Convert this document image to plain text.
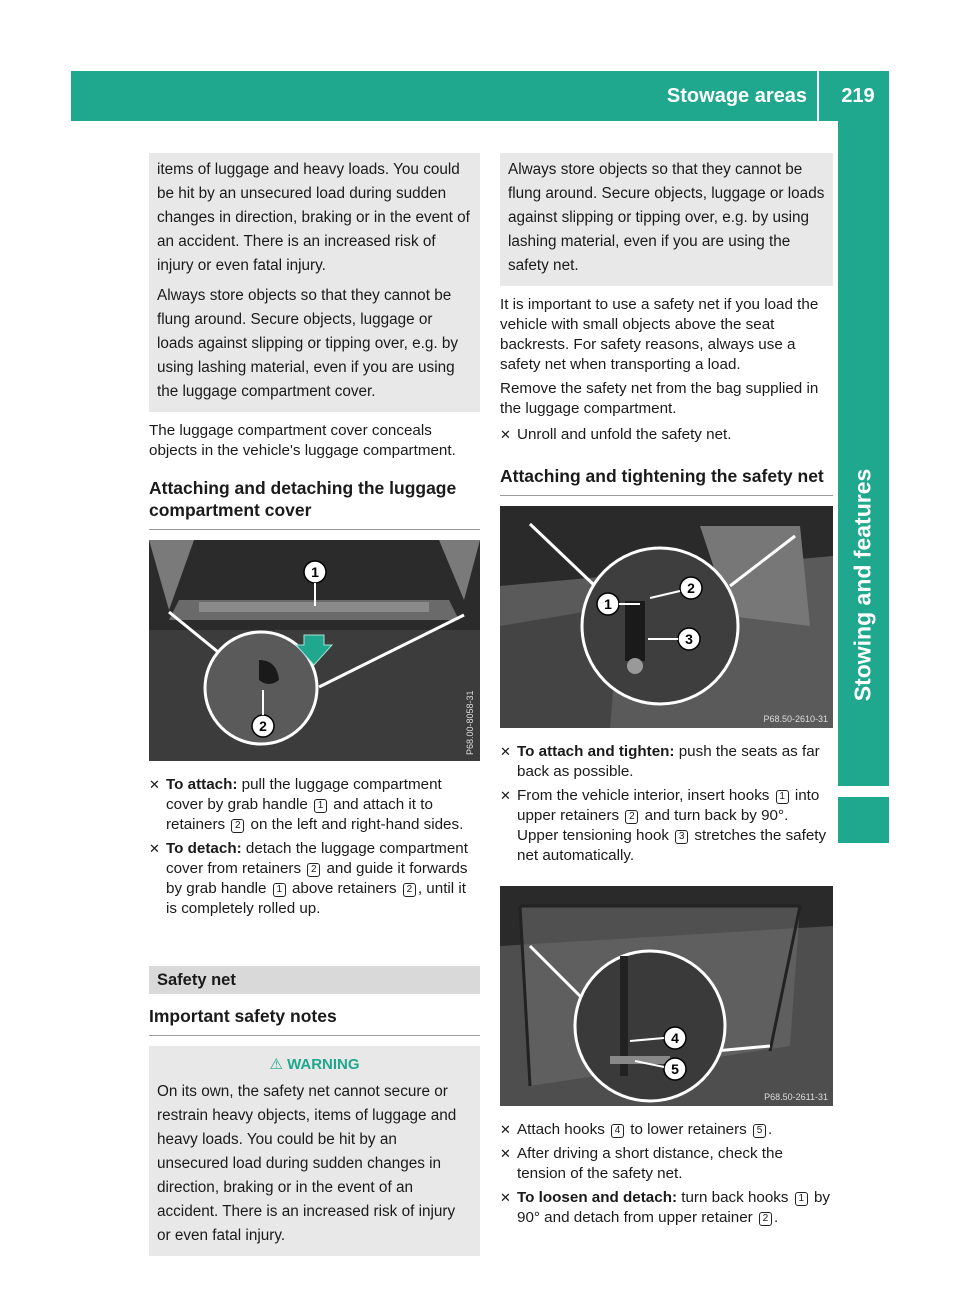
Stowage areas	219
Stowing and features

items of luggage and heavy loads. You could be hit by an unsecured load during sudden changes in direction, braking or in the event of an accident. There is an increased risk of injury or even fatal injury.

Always store objects so that they cannot be flung around. Secure objects, luggage or loads against slipping or tipping over, e.g. by using lashing material, even if you are using the luggage compartment cover.

The luggage compartment cover conceals objects in the vehicle's luggage compartment.

Attaching and detaching the luggage compartment cover
1
2	P68.00-8058-31
✕ To attach: pull the luggage compartment cover by grab handle 1 and attach it to retainers 2 on the left and right-hand sides.
✕ To detach: detach the luggage compartment cover from retainers 2 and guide it forwards by grab handle 1 above retainers 2 , until it is completely rolled up.
Safety net
Important safety notes
⚠ WARNING

On its own, the safety net cannot secure or restrain heavy objects, items of luggage and heavy loads. You could be hit by an unsecured load during sudden changes in direction, braking or in the event of an accident. There is an increased risk of injury or even fatal injury.

Always store objects so that they cannot be flung around. Secure objects, luggage or loads against slipping or tipping over, e.g. by using lashing material, even if you are using the safety net.

It is important to use a safety net if you load the vehicle with small objects above the seat backrests. For safety reasons, always use a safety net when transporting a load.

Remove the safety net from the bag supplied in the luggage compartment.

✕ Unroll and unfold the safety net.
Attaching and tightening the safety net
1
2
3
P68.50-2610-31
✕ To attach and tighten: push the seats as far back as possible.
✕ From the vehicle interior, insert hooks 1 into upper retainers 2 and turn back by 90°. Upper tensioning hook 3 stretches the safety net automatically.
4
5
P68.50-2611-31
✕ Attach hooks 4 to lower retainers 5 .
✕ After driving a short distance, check the tension of the safety net.
✕ To loosen and detach: turn back hooks 1 by 90° and detach from upper retainer 2 .
